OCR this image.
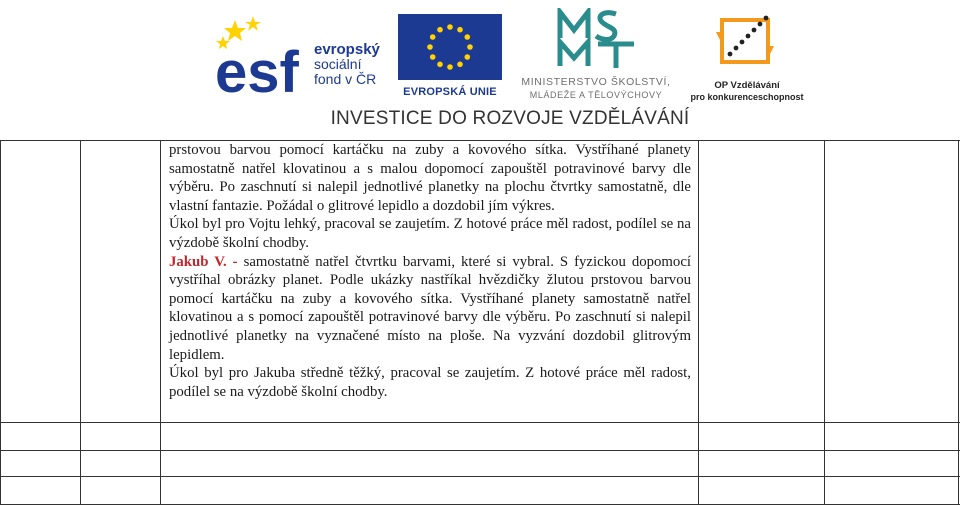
esf evropský
sociální
fond v ČR
EVROPSKÁ UNIE
MINISTERSTVO ŠKOLSTVÍ,
MLÁDEŽE A TĚLOVÝCHOVY
OP Vzdělávání
pro konkurenceschopnost
INVESTICE DO ROZVOJE VZDĚLÁVÁNÍ

prstovou barvou pomocí kartáčku na zuby a kovového sítka. Vystříhané planety samostatně natřel klovatinou a s malou dopomocí zapouštěl potravinové barvy dle výběru. Po zaschnutí si nalepil jednotlivé planetky na plochu čtvrtky samostatně, dle vlastní fantazie. Požádal o glitrové lepidlo a dozdobil jím výkres.

Úkol byl pro Vojtu lehký, pracoval se zaujetím. Z hotové práce měl radost, podílel se na výzdobě školní chodby.

Jakub V. - samostatně natřel čtvrtku barvami, které si vybral. S fyzickou dopomocí vystříhal obrázky planet. Podle ukázky nastříkal hvězdičky žlutou prstovou barvou pomocí kartáčku na zuby a kovového sítka. Vystříhané planety samostatně natřel klovatinou a s pomocí zapouštěl potravinové barvy dle výběru. Po zaschnutí si nalepil jednotlivé planetky na vyznačené místo na ploše. Na vyzvání dozdobil glitrovým lepidlem.

Úkol byl pro Jakuba středně těžký, pracoval se zaujetím. Z hotové práce měl radost, podílel se na výzdobě školní chodby.
